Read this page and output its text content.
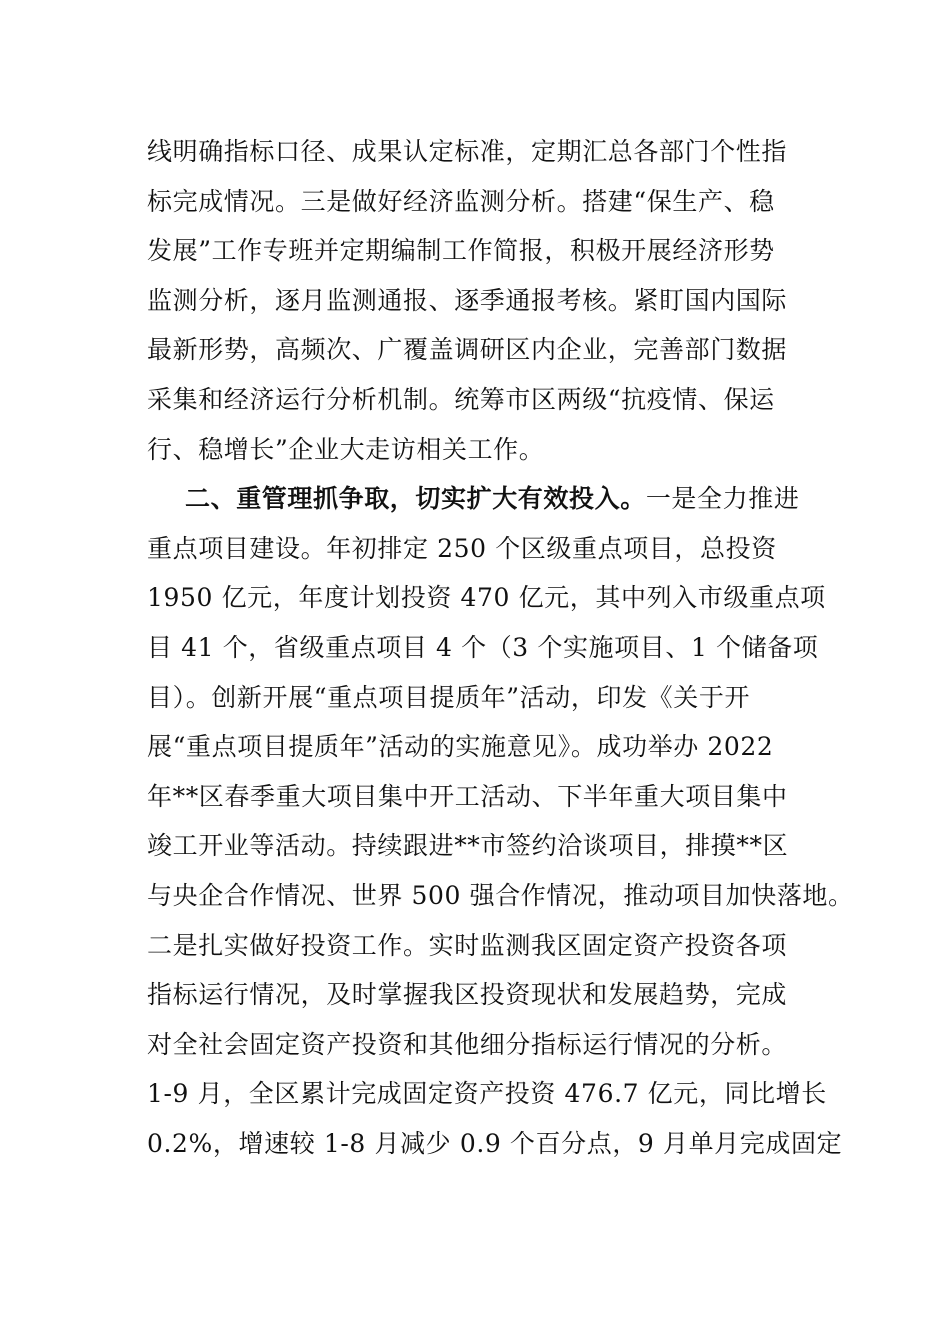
线明确指标口径、成果认定标准，定期汇总各部门个性指
标完成情况。三是做好经济监测分析。搭建“保生产、稳
发展”工作专班并定期编制工作简报，积极开展经济形势
监测分析，逐月监测通报、逐季通报考核。紧盯国内国际
最新形势，高频次、广覆盖调研区内企业，完善部门数据
采集和经济运行分析机制。统筹市区两级“抗疫情、保运
行、稳增长”企业大走访相关工作。
二、重管理抓争取，切实扩大有效投入。一是全力推进
重点项目建设。年初排定 250 个区级重点项目，总投资
1950 亿元，年度计划投资 470 亿元，其中列入市级重点项
目 41 个，省级重点项目 4 个（3 个实施项目、1 个储备项
目）。创新开展“重点项目提质年”活动，印发《关于开
展“重点项目提质年”活动的实施意见》。成功举办 2022
年**区春季重大项目集中开工活动、下半年重大项目集中
竣工开业等活动。持续跟进**市签约洽谈项目，排摸**区
与央企合作情况、世界 500 强合作情况，推动项目加快落地。
二是扎实做好投资工作。实时监测我区固定资产投资各项
指标运行情况，及时掌握我区投资现状和发展趋势，完成
对全社会固定资产投资和其他细分指标运行情况的分析。
1-9 月，全区累计完成固定资产投资 476.7 亿元，同比增长
0.2%，增速较 1-8 月减少 0.9 个百分点，9 月单月完成固定
